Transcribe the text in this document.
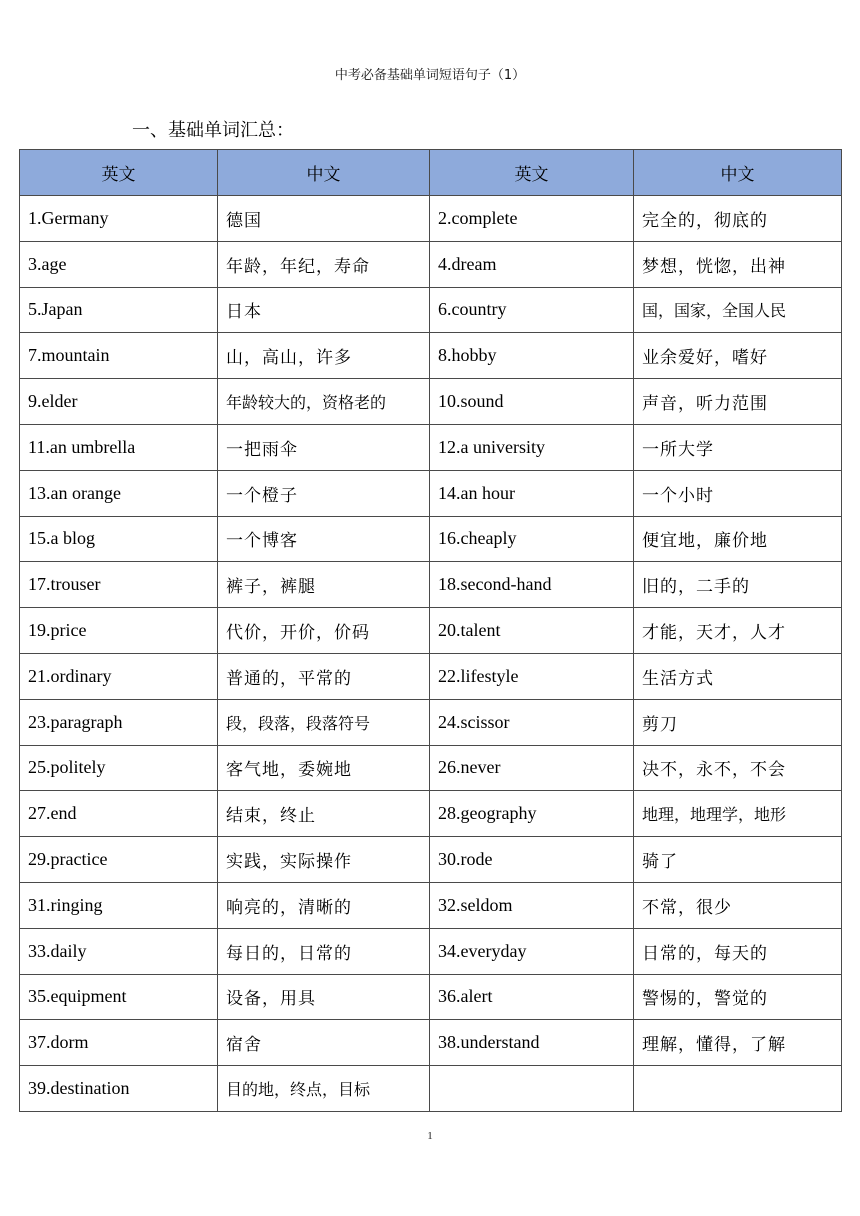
中考必备基础单词短语句子（1）
一、基础单词汇总：
英文	中文	英文	中文
1.Germany	德国	2.complete	完全的，彻底的
3.age	年龄，年纪，寿命	4.dream	梦想，恍惚，出神
5.Japan	日本	6.country	国，国家，全国人民
7.mountain	山，高山，许多	8.hobby	业余爱好，嗜好
9.elder	年龄较大的，资格老的	10.sound	声音，听力范围
11.an umbrella	一把雨伞	12.a university	一所大学
13.an orange	一个橙子	14.an hour	一个小时
15.a blog	一个博客	16.cheaply	便宜地，廉价地
17.trouser	裤子，裤腿	18.second-hand	旧的，二手的
19.price	代价，开价，价码	20.talent	才能，天才，人才
21.ordinary	普通的，平常的	22.lifestyle	生活方式
23.paragraph	段，段落，段落符号	24.scissor	剪刀
25.politely	客气地，委婉地	26.never	决不，永不，不会
27.end	结束，终止	28.geography	地理，地理学，地形
29.practice	实践，实际操作	30.rode	骑了
31.ringing	响亮的，清晰的	32.seldom	不常，很少
33.daily	每日的，日常的	34.everyday	日常的，每天的
35.equipment	设备，用具	36.alert	警惕的，警觉的
37.dorm	宿舍	38.understand	理解，懂得，了解
39.destination	目的地，终点，目标		
1
